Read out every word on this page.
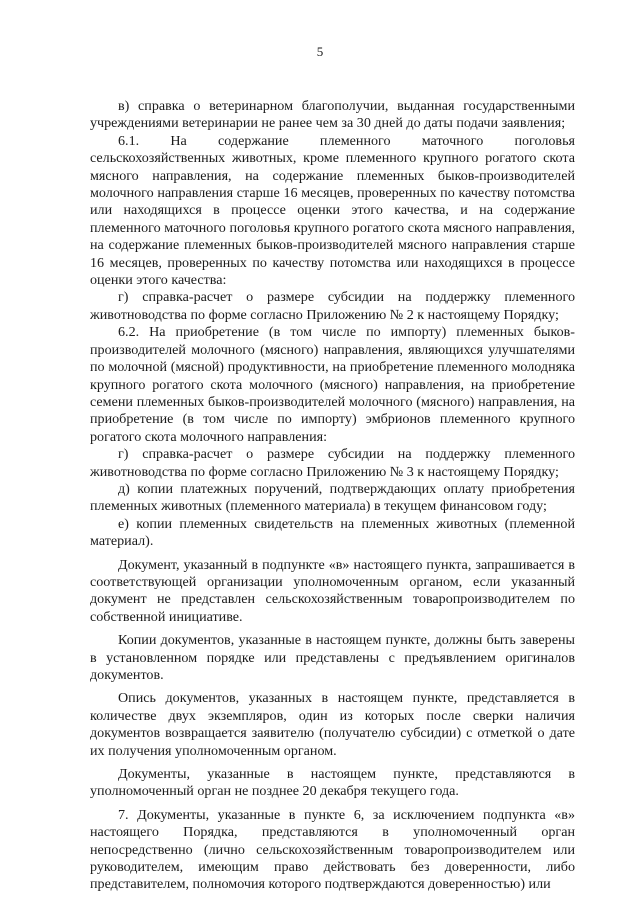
5

в) справка о ветеринарном благополучии, выданная государственными учреждениями ветеринарии не ранее чем за 30 дней до даты подачи заявления;

6.1. На содержание племенного маточного поголовья сельскохозяйственных животных, кроме племенного крупного рогатого скота мясного направления, на содержание племенных быков-производителей молочного направления старше 16 месяцев, проверенных по качеству потомства или находящихся в процессе оценки этого качества, и на содержание племенного маточного поголовья крупного рогатого скота мясного направления, на содержание племенных быков-производителей мясного направления старше 16 месяцев, проверенных по качеству потомства или находящихся в процессе оценки этого качества:

г) справка-расчет о размере субсидии на поддержку племенного животноводства по форме согласно Приложению № 2 к настоящему Порядку;

6.2. На приобретение (в том числе по импорту) племенных быков-производителей молочного (мясного) направления, являющихся улучшателями по молочной (мясной) продуктивности, на приобретение племенного молодняка крупного рогатого скота молочного (мясного) направления, на приобретение семени племенных быков-производителей молочного (мясного) направления, на приобретение (в том числе по импорту) эмбрионов племенного крупного рогатого скота молочного направления:

г) справка-расчет о размере субсидии на поддержку племенного животноводства по форме согласно Приложению № 3 к настоящему Порядку;

д) копии платежных поручений, подтверждающих оплату приобретения племенных животных (племенного материала) в текущем финансовом году;

е) копии племенных свидетельств на племенных животных (племенной материал).

Документ, указанный в подпункте «в» настоящего пункта, запрашивается в соответствующей организации уполномоченным органом, если указанный документ не представлен сельскохозяйственным товаропроизводителем по собственной инициативе.

Копии документов, указанные в настоящем пункте, должны быть заверены в установленном порядке или представлены с предъявлением оригиналов документов.

Опись документов, указанных в настоящем пункте, представляется в количестве двух экземпляров, один из которых после сверки наличия документов возвращается заявителю (получателю субсидии) с отметкой о дате их получения уполномоченным органом.

Документы, указанные в настоящем пункте, представляются в уполномоченный орган не позднее 20 декабря текущего года.

7. Документы, указанные в пункте 6, за исключением подпункта «в» настоящего Порядка, представляются в уполномоченный орган непосредственно (лично сельскохозяйственным товаропроизводителем или руководителем, имеющим право действовать без доверенности, либо представителем, полномочия которого подтверждаются доверенностью) или
